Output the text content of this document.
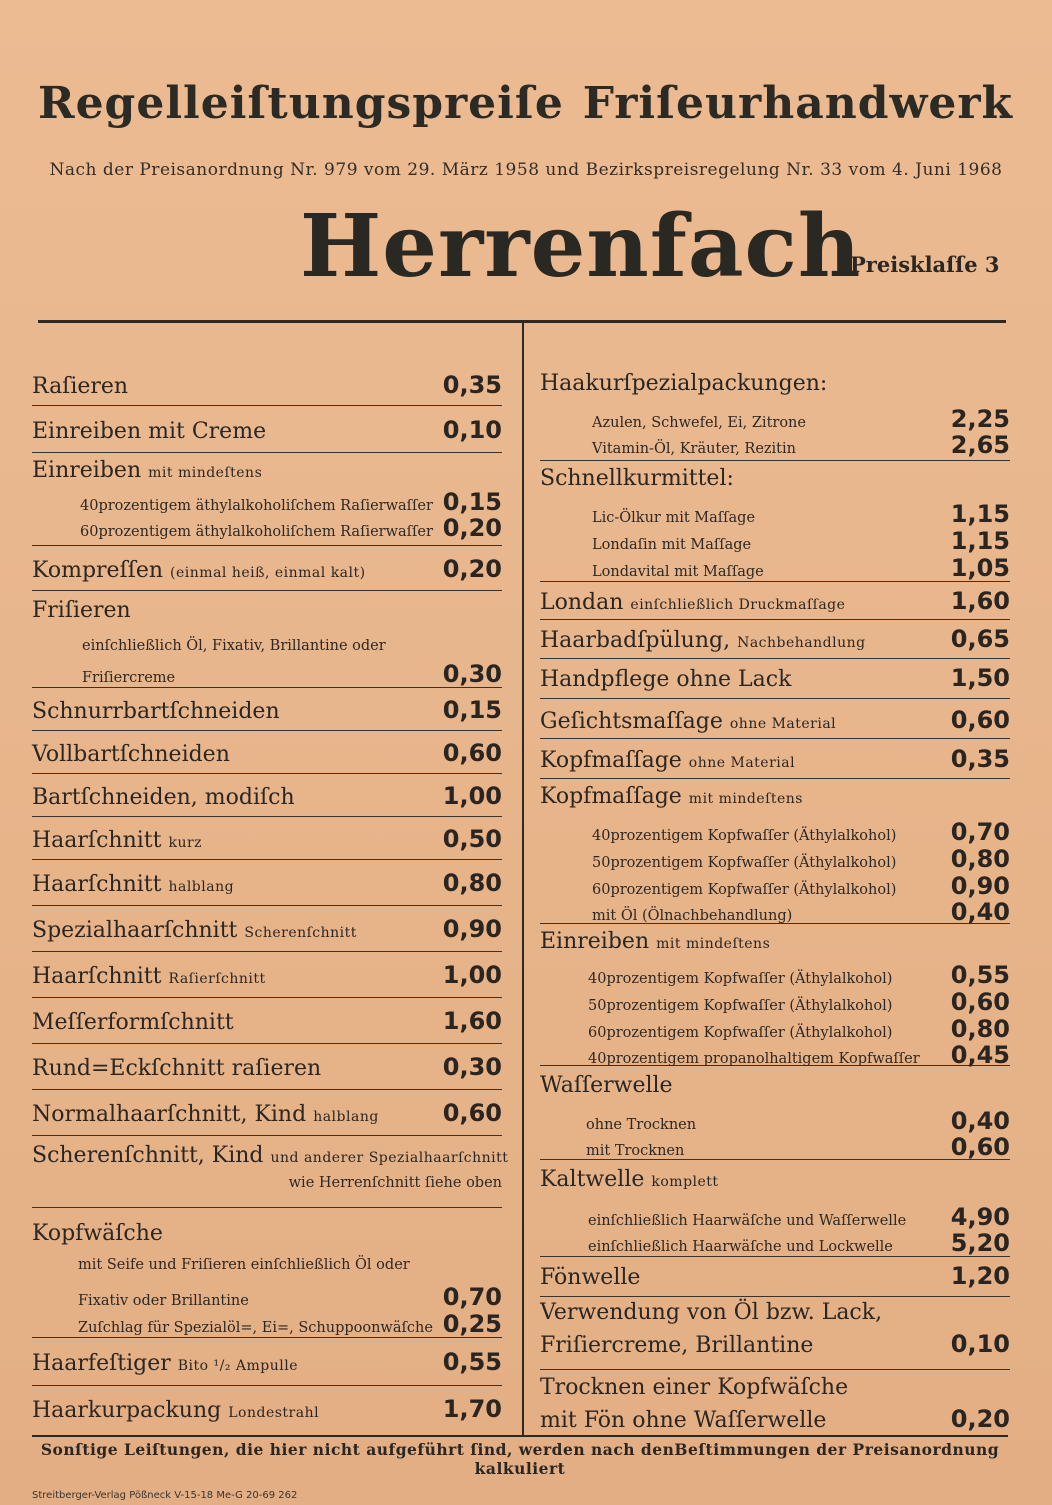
Regelleiſtungspreiſe Friſeurhandwerk
Nach der Preisanordnung Nr. 979 vom 29. März 1958 und Bezirkspreisregelung Nr. 33 vom 4. Juni 1968
Herrenfach
Preisklaſſe 3
Raſieren	0,35
Einreiben mit Creme	0,10
Einreiben mit mindeſtens
40prozentigem äthylalkoholiſchem Raſierwaſſer 0,15
60prozentigem äthylalkoholiſchem Raſierwaſſer 0,20
Kompreſſen (einmal heiß, einmal kalt)	0,20
Friſieren
einſchließlich Öl, Fixativ, Brillantine oder
Friſiercreme	0,30
Schnurrbartſchneiden	0,15
Vollbartſchneiden	0,60
Bartſchneiden, modiſch	1,00
Haarſchnitt kurz	0,50
Haarſchnitt halblang	0,80
Spezialhaarſchnitt Scherenſchnitt	0,90
Haarſchnitt Raſierſchnitt	1,00
Meſſerformſchnitt	1,60
Rund=Eckſchnitt raſieren	0,30
Normalhaarſchnitt, Kind halblang	0,60
Scherenſchnitt, Kind und anderer Spezialhaarſchnitt
wie Herrenſchnitt ſiehe oben
Kopfwäſche
mit Seife und Friſieren einſchließlich Öl oder
Fixativ oder Brillantine	0,70
Zuſchlag für Spezialöl=, Ei=, Schuppoonwäſche 0,25
Haarfeſtiger Bito ¹/₂ Ampulle	0,55
Haarkurpackung Londestrahl	1,70
Haakurſpezialpackungen:
Azulen, Schwefel, Ei, Zitrone	2,25
Vitamin-Öl, Kräuter, Rezitin	2,65
Schnellkurmittel:
Lic-Ölkur mit Maſſage	1,15
Londaſin mit Maſſage	1,15
Londavital mit Maſſage	1,05
Londan einſchließlich Druckmaſſage	1,60
Haarbadſpülung, Nachbehandlung	0,65
Handpflege ohne Lack	1,50
Geſichtsmaſſage ohne Material	0,60
Kopfmaſſage ohne Material	0,35
Kopfmaſſage mit mindeſtens
40prozentigem Kopfwaſſer (Äthylalkohol) 0,70
50prozentigem Kopfwaſſer (Äthylalkohol) 0,80
60prozentigem Kopfwaſſer (Äthylalkohol) 0,90
mit Öl (Ölnachbehandlung)	0,40
Einreiben mit mindeſtens
40prozentigem Kopfwaſſer (Äthylalkohol) 0,55
50prozentigem Kopfwaſſer (Äthylalkohol) 0,60
60prozentigem Kopfwaſſer (Äthylalkohol) 0,80
40prozentigem propanolhaltigem Kopfwaſſer 0,45
Waſſerwelle
ohne Trocknen	0,40
mit Trocknen	0,60
Kaltwelle komplett
einſchließlich Haarwäſche und Waſſerwelle 4,90
einſchließlich Haarwäſche und Lockwelle 5,20
Fönwelle	1,20
Verwendung von Öl bzw. Lack,
Friſiercreme, Brillantine	0,10
Trocknen einer Kopfwäſche
mit Fön ohne Waſſerwelle	0,20
Sonſtige Leiſtungen, die hier nicht aufgeführt ſind, werden nach denBeſtimmungen der Preisanordnung kalkuliert
Streitberger-Verlag Pößneck V-15-18 Me-G 20-69 262
